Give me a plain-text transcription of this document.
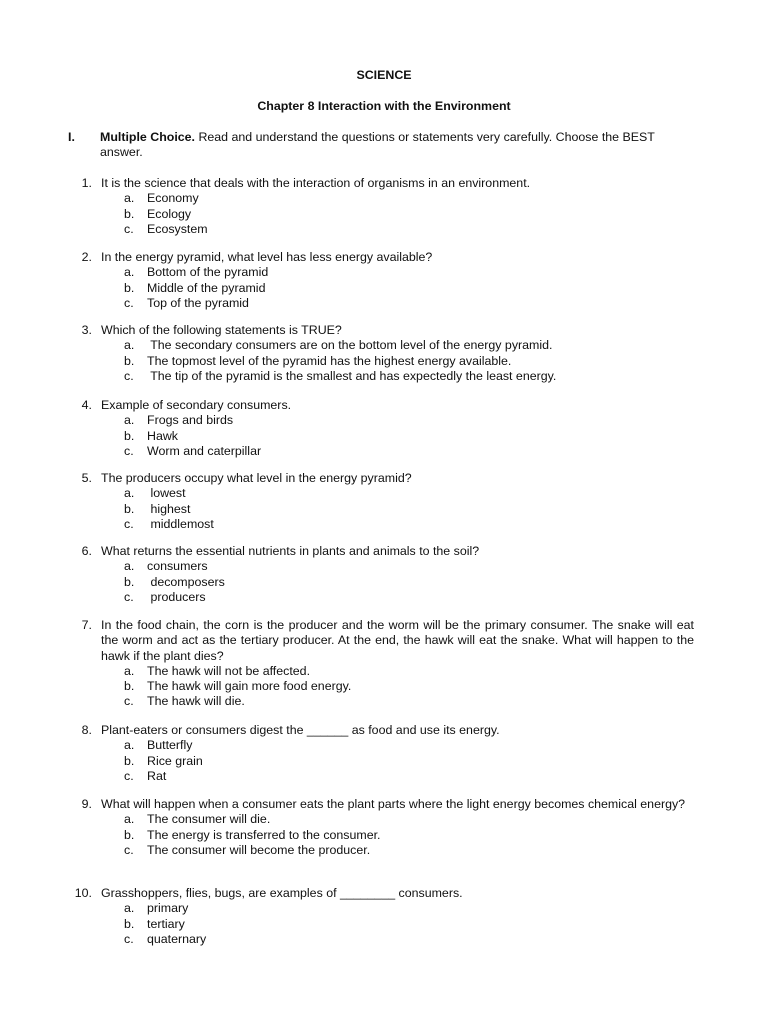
SCIENCE
Chapter 8 Interaction with the Environment
I. Multiple Choice. Read and understand the questions or statements very carefully. Choose the BEST answer.
1. It is the science that deals with the interaction of organisms in an environment.
a. Economy
b. Ecology
c. Ecosystem
2. In the energy pyramid, what level has less energy available?
a. Bottom of the pyramid
b. Middle of the pyramid
c. Top of the pyramid
3. Which of the following statements is TRUE?
a. The secondary consumers are on the bottom level of the energy pyramid.
b. The topmost level of the pyramid has the highest energy available.
c. The tip of the pyramid is the smallest and has expectedly the least energy.
4. Example of secondary consumers.
a. Frogs and birds
b. Hawk
c. Worm and caterpillar
5. The producers occupy what level in the energy pyramid?
a. lowest
b. highest
c. middlemost
6. What returns the essential nutrients in plants and animals to the soil?
a. consumers
b. decomposers
c. producers
7. In the food chain, the corn is the producer and the worm will be the primary consumer. The snake will eat the worm and act as the tertiary producer. At the end, the hawk will eat the snake. What will happen to the hawk if the plant dies?
a. The hawk will not be affected.
b. The hawk will gain more food energy.
c. The hawk will die.
8. Plant-eaters or consumers digest the ______ as food and use its energy.
a. Butterfly
b. Rice grain
c. Rat
9. What will happen when a consumer eats the plant parts where the light energy becomes chemical energy?
a. The consumer will die.
b. The energy is transferred to the consumer.
c. The consumer will become the producer.
10. Grasshoppers, flies, bugs, are examples of ________ consumers.
a. primary
b. tertiary
c. quaternary
